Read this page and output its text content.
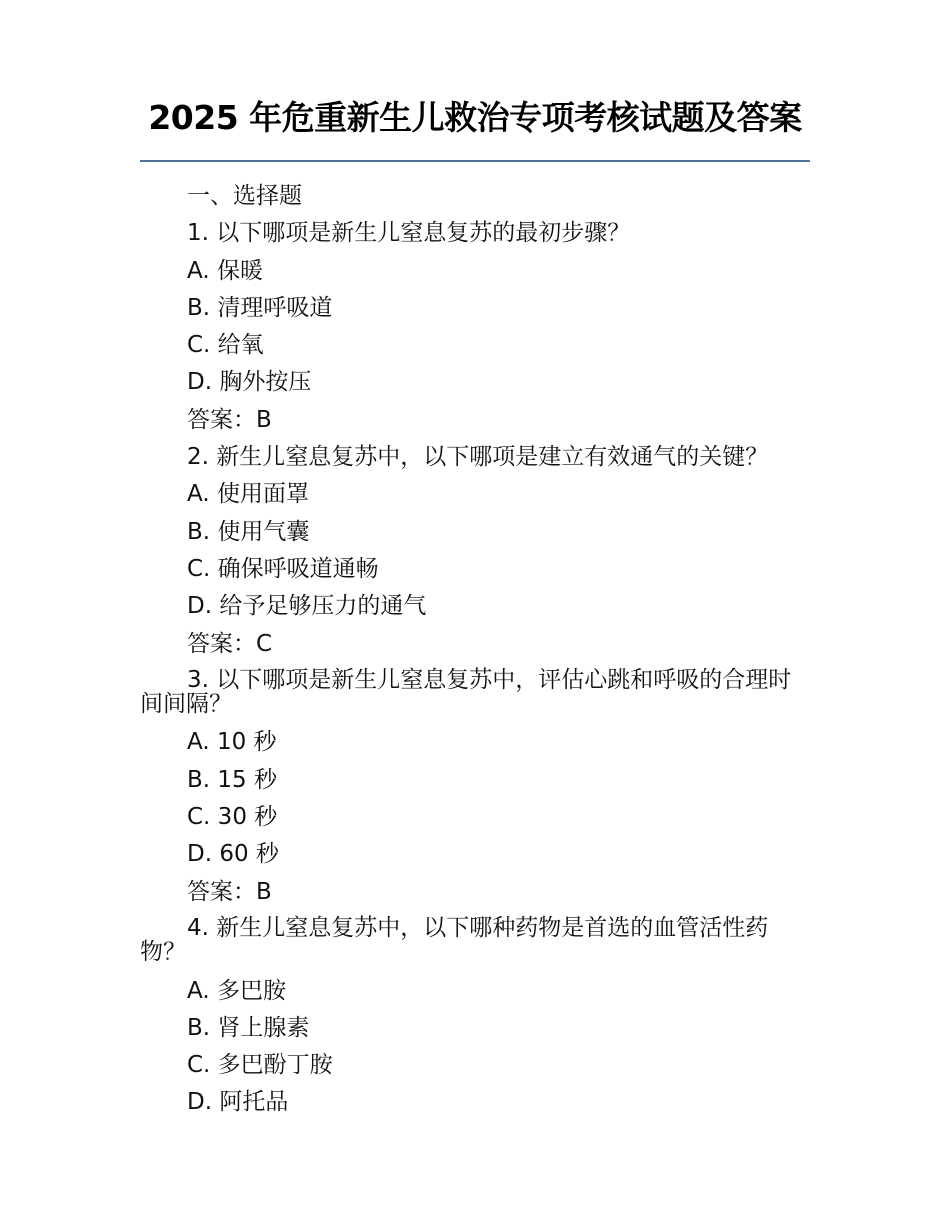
2025 年危重新生儿救治专项考核试题及答案
一、选择题
1. 以下哪项是新生儿窒息复苏的最初步骤？
A. 保暖
B. 清理呼吸道
C. 给氧
D. 胸外按压
答案：B
2. 新生儿窒息复苏中，以下哪项是建立有效通气的关键？
A. 使用面罩
B. 使用气囊
C. 确保呼吸道通畅
D. 给予足够压力的通气
答案：C
3. 以下哪项是新生儿窒息复苏中，评估心跳和呼吸的合理时间间隔？
A. 10 秒
B. 15 秒
C. 30 秒
D. 60 秒
答案：B
4. 新生儿窒息复苏中，以下哪种药物是首选的血管活性药物？
A. 多巴胺
B. 肾上腺素
C. 多巴酚丁胺
D. 阿托品
